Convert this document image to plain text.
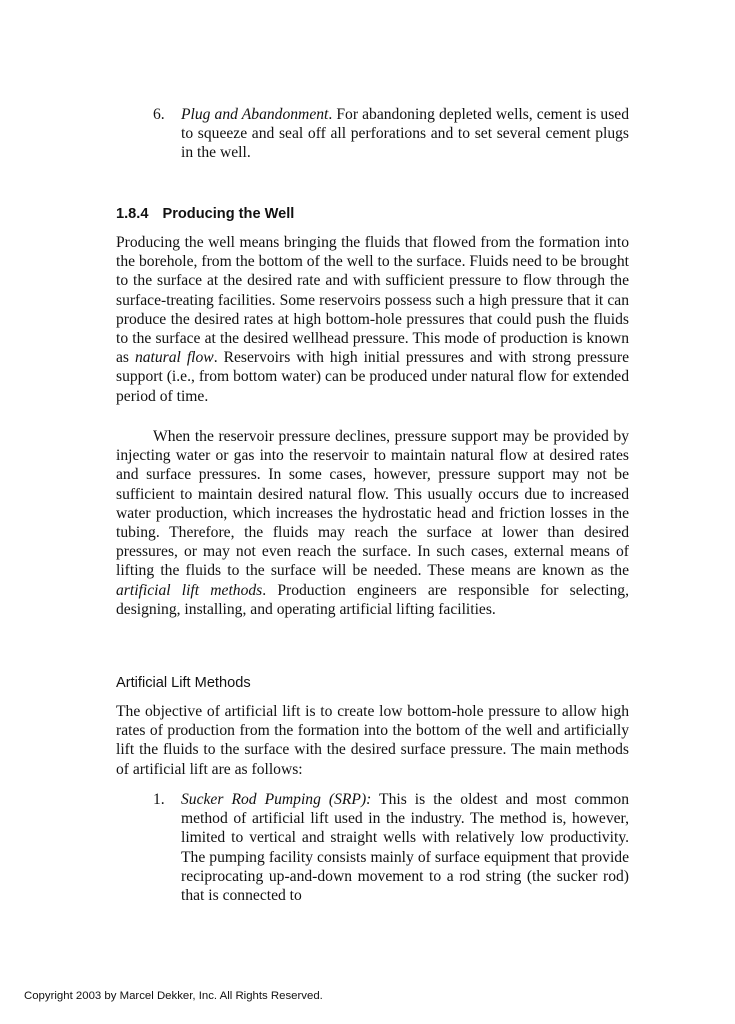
6. Plug and Abandonment. For abandoning depleted wells, cement is used to squeeze and seal off all perforations and to set several cement plugs in the well.
1.8.4 Producing the Well
Producing the well means bringing the fluids that flowed from the formation into the borehole, from the bottom of the well to the surface. Fluids need to be brought to the surface at the desired rate and with sufficient pressure to flow through the surface-treating facilities. Some reservoirs possess such a high pressure that it can produce the desired rates at high bottom-hole pressures that could push the fluids to the surface at the desired wellhead pressure. This mode of production is known as natural flow. Reservoirs with high initial pressures and with strong pressure support (i.e., from bottom water) can be produced under natural flow for extended period of time.
When the reservoir pressure declines, pressure support may be provided by injecting water or gas into the reservoir to maintain natural flow at desired rates and surface pressures. In some cases, however, pressure support may not be sufficient to maintain desired natural flow. This usually occurs due to increased water production, which increases the hydrostatic head and friction losses in the tubing. Therefore, the fluids may reach the surface at lower than desired pressures, or may not even reach the surface. In such cases, external means of lifting the fluids to the surface will be needed. These means are known as the artificial lift methods. Production engineers are responsible for selecting, designing, installing, and operating artificial lifting facilities.
Artificial Lift Methods
The objective of artificial lift is to create low bottom-hole pressure to allow high rates of production from the formation into the bottom of the well and artificially lift the fluids to the surface with the desired surface pressure. The main methods of artificial lift are as follows:
1. Sucker Rod Pumping (SRP): This is the oldest and most common method of artificial lift used in the industry. The method is, however, limited to vertical and straight wells with relatively low productivity. The pumping facility consists mainly of surface equipment that provide reciprocating up-and-down movement to a rod string (the sucker rod) that is connected to
Copyright 2003 by Marcel Dekker, Inc. All Rights Reserved.
